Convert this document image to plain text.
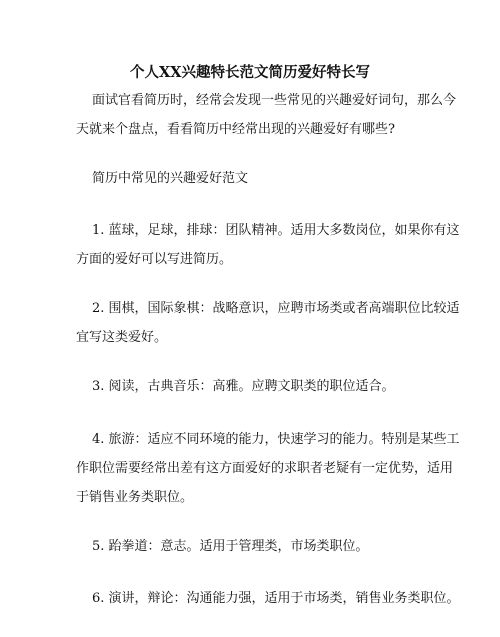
个人XX兴趣特长范文简历爱好特长写
面试官看简历时，经常会发现一些常见的兴趣爱好词句，那么今
天就来个盘点，看看简历中经常出现的兴趣爱好有哪些?
简历中常见的兴趣爱好范文
1. 蓝球，足球，排球：团队精神。适用大多数岗位，如果你有这
方面的爱好可以写进简历。
2. 围棋，国际象棋：战略意识，应聘市场类或者高端职位比较适
宜写这类爱好。
3. 阅读，古典音乐：高雅。应聘文职类的职位适合。
4. 旅游：适应不同环境的能力，快速学习的能力。特别是某些工
作职位需要经常出差有这方面爱好的求职者老疑有一定优势，适用
于销售业务类职位。
5. 跆拳道：意志。适用于管理类，市场类职位。
6. 演讲，辩论：沟通能力强，适用于市场类，销售业务类职位。
